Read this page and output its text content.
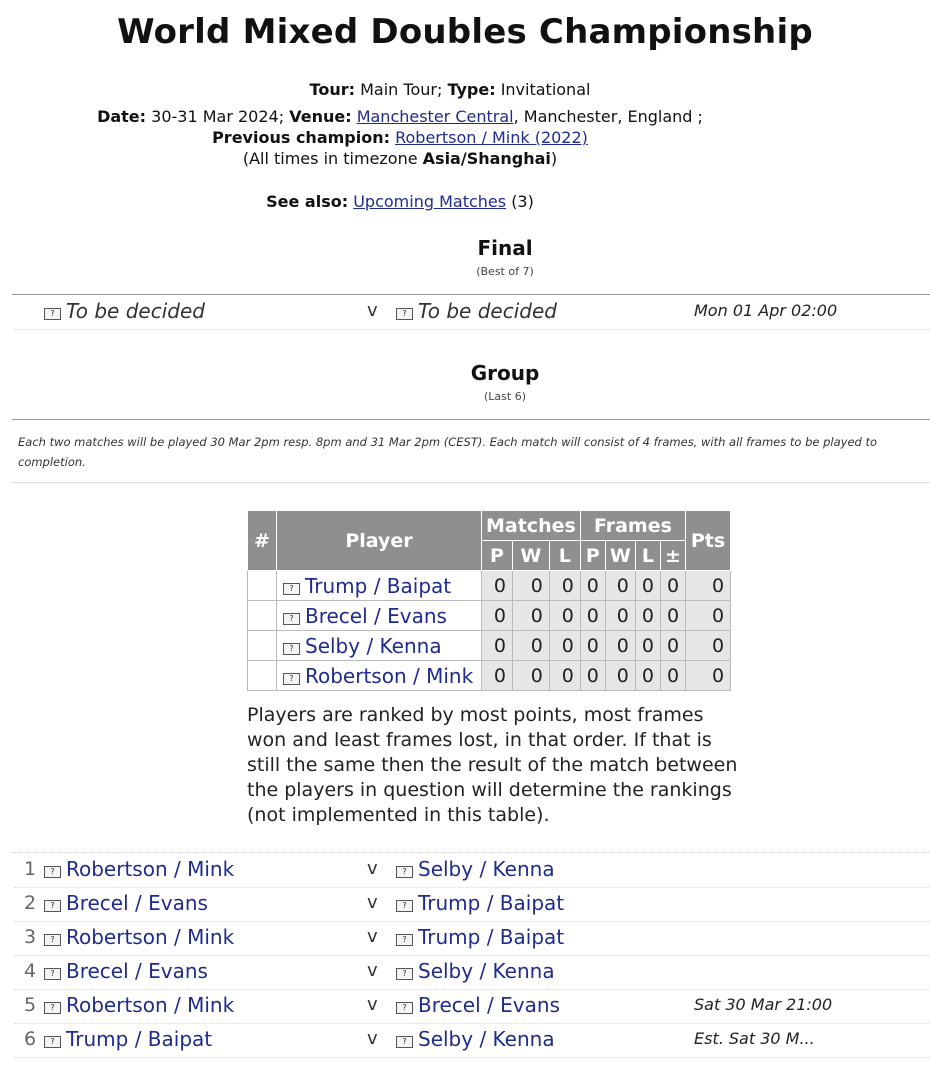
World Mixed Doubles Championship
Tour: Main Tour; Type: Invitational
Date: 30-31 Mar 2024; Venue: Manchester Central, Manchester, England ;
Previous champion: Robertson / Mink (2022)
(All times in timezone Asia/Shanghai)
See also: Upcoming Matches (3)
Final
(Best of 7)
? To be decided	v	? To be decided	Mon 01 Apr 02:00
Group
(Last 6)
Each two matches will be played 30 Mar 2pm resp. 8pm and 31 Mar 2pm (CEST). Each match will consist of 4 frames, with all frames to be played to completion.
#	Player	Matches			Frames				Pts
		P	W	L	P	W	L	±	
	? Trump / Baipat	0	0	0	0	0	0	0	0
	? Brecel / Evans	0	0	0	0	0	0	0	0
	? Selby / Kenna	0	0	0	0	0	0	0	0
	? Robertson / Mink	0	0	0	0	0	0	0	0
Players are ranked by most points, most frames won and least frames lost, in that order. If that is still the same then the result of the match between the players in question will determine the rankings (not implemented in this table).
1	? Robertson / Mink	v	? Selby / Kenna
2	? Brecel / Evans	v	? Trump / Baipat
3	? Robertson / Mink	v	? Trump / Baipat
4	? Brecel / Evans	v	? Selby / Kenna
5	? Robertson / Mink	v	? Brecel / Evans	Sat 30 Mar 21:00
6	? Trump / Baipat	v	? Selby / Kenna	Est. Sat 30 M...
